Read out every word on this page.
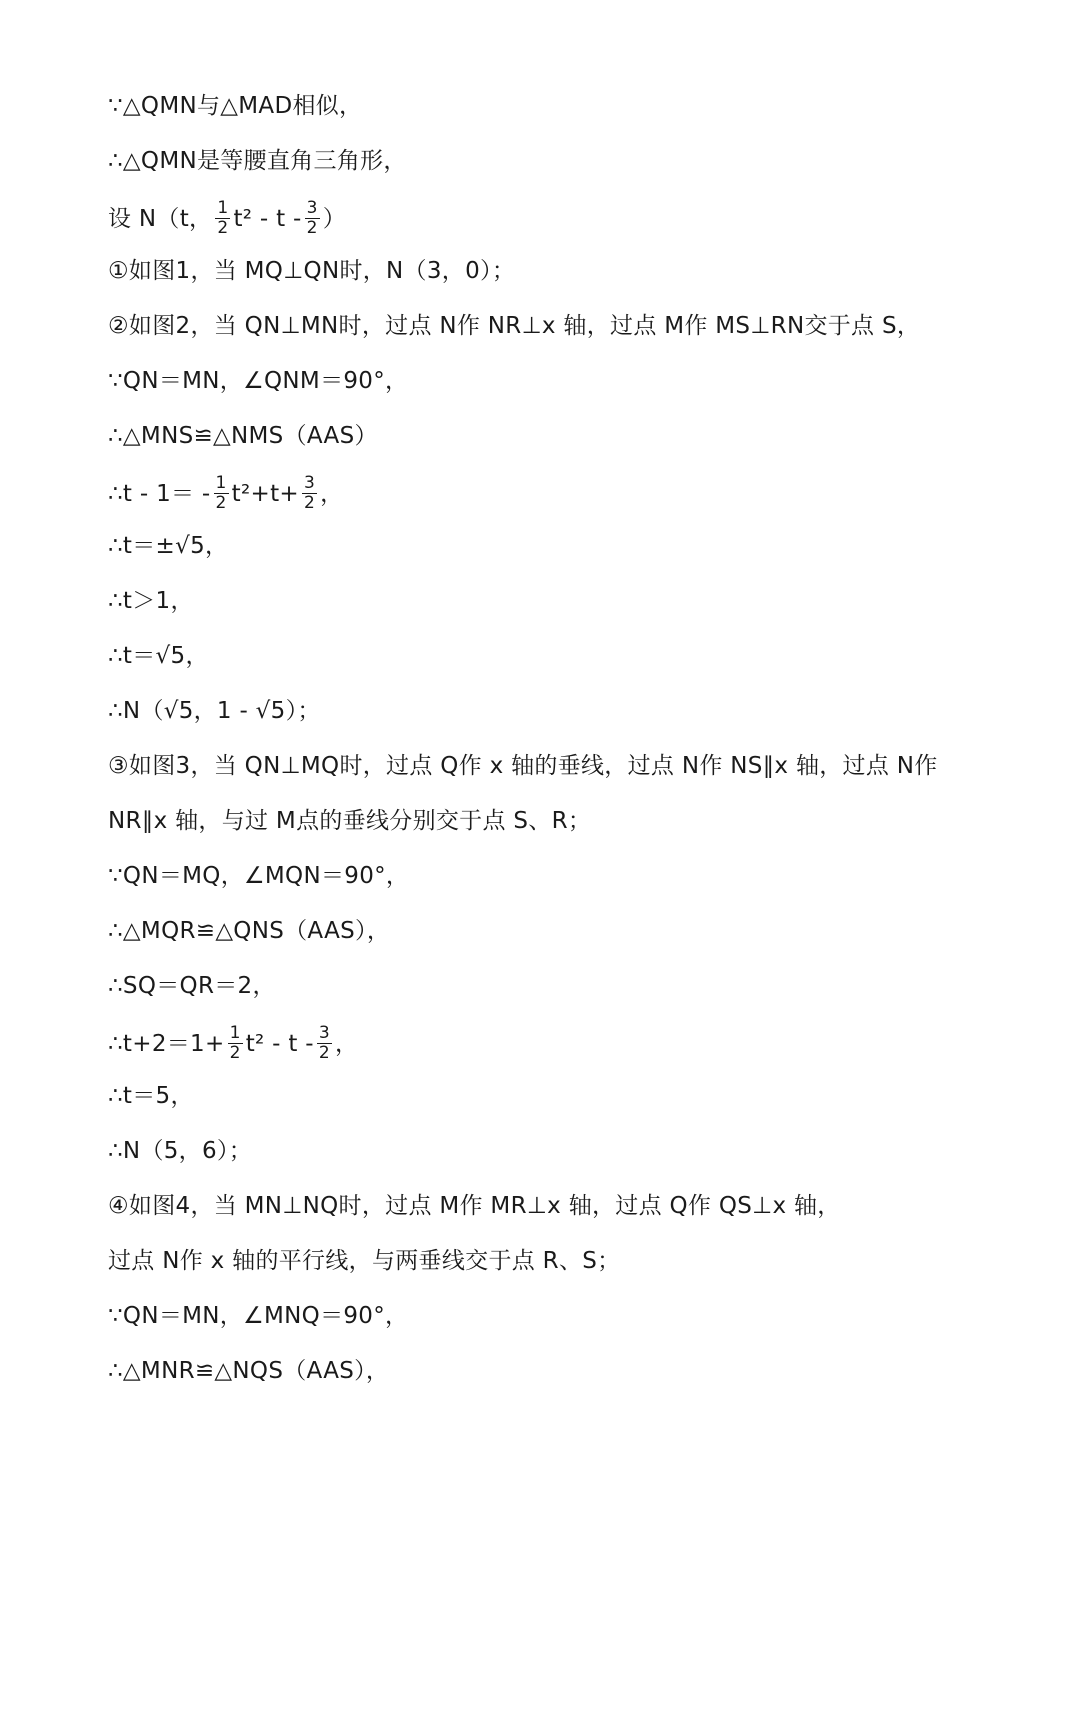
∵△QMN与△MAD相似，
∴△QMN是等腰直角三角形，
设 N（t， $\frac{1}{2} t^2$ - t - $\frac{3}{2}$ ）
①如图1，当 MQ⊥QN时，N（3，0）；
②如图2，当 QN⊥MN时，过点 N作 NR⊥x 轴，过点 M作 MS⊥RN交于点 S，
∵QN＝MN，∠QNM＝90°，
∴△MNS≌△NMS（AAS）
∴t - $1= - \frac{1}{2} t^2+t+ \frac{3}{2}$ ，
∴t＝±√5，
∴t＞1，
∴t＝√5，
∴N（√5，1 - √5）；
③如图3，当 QN⊥MQ时，过点 Q作 x 轴的垂线，过点 N作 NS∥x 轴，过点 N作
NR∥x 轴，与过 M点的垂线分别交于点 S、R；
∵QN＝MQ，∠MQN＝90°，
∴△MQR≌△QNS（AAS），
∴SQ＝QR＝2，
∴t+2＝1+ $\frac{1}{2} t^2$ - t - $\frac{3}{2}$ ，
∴t＝5，
∴N（5，6）；
④如图4，当 MN⊥NQ时，过点 M作 MR⊥x 轴，过点 Q作 QS⊥x 轴，
过点 N作 x 轴的平行线，与两垂线交于点 R、S；
∵QN＝MN，∠MNQ＝90°，
∴△MNR≌△NQS（AAS），
